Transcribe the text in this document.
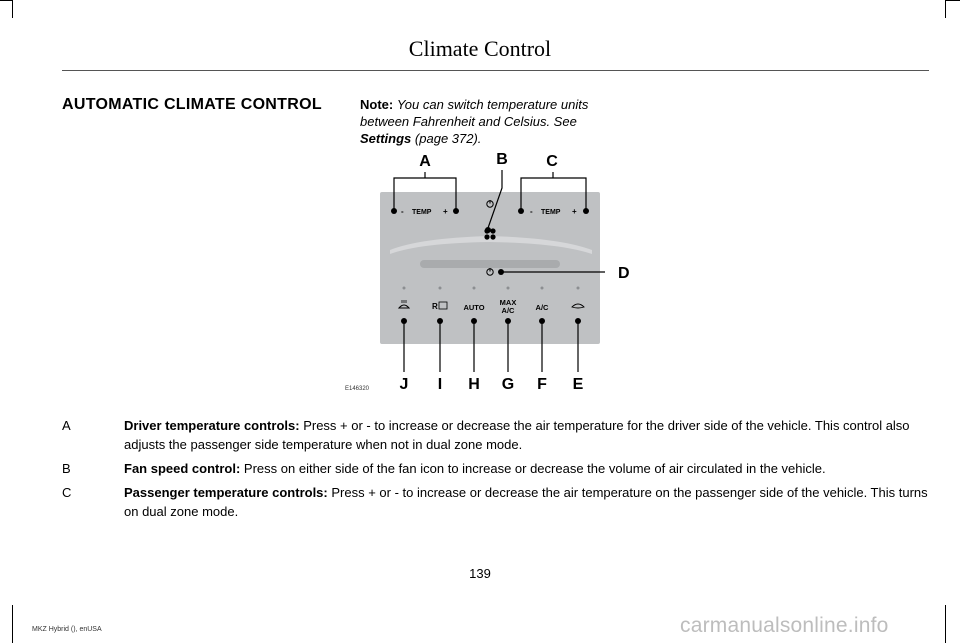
Climate Control
AUTOMATIC CLIMATE CONTROL	Note: You can switch temperature units between Fahrenheit and Celsius. See Settings (page 372).
A	B C
- TEMP +	- TEMP +
D
R	AUTO
MAX
A/C	A/C
J I H G F E
E146320
A	Driver temperature controls: Press + or - to increase or decrease the air temperature for the driver side of the vehicle. This control also adjusts the passenger side temperature when not in dual zone mode.
B	Fan speed control: Press on either side of the fan icon to increase or decrease the volume of air circulated in the vehicle.
C	Passenger temperature controls: Press + or - to increase or decrease the air temperature on the passenger side of the vehicle. This turns on dual zone mode.
139
MKZ Hybrid (), enUSA	carmanualsonline.info
